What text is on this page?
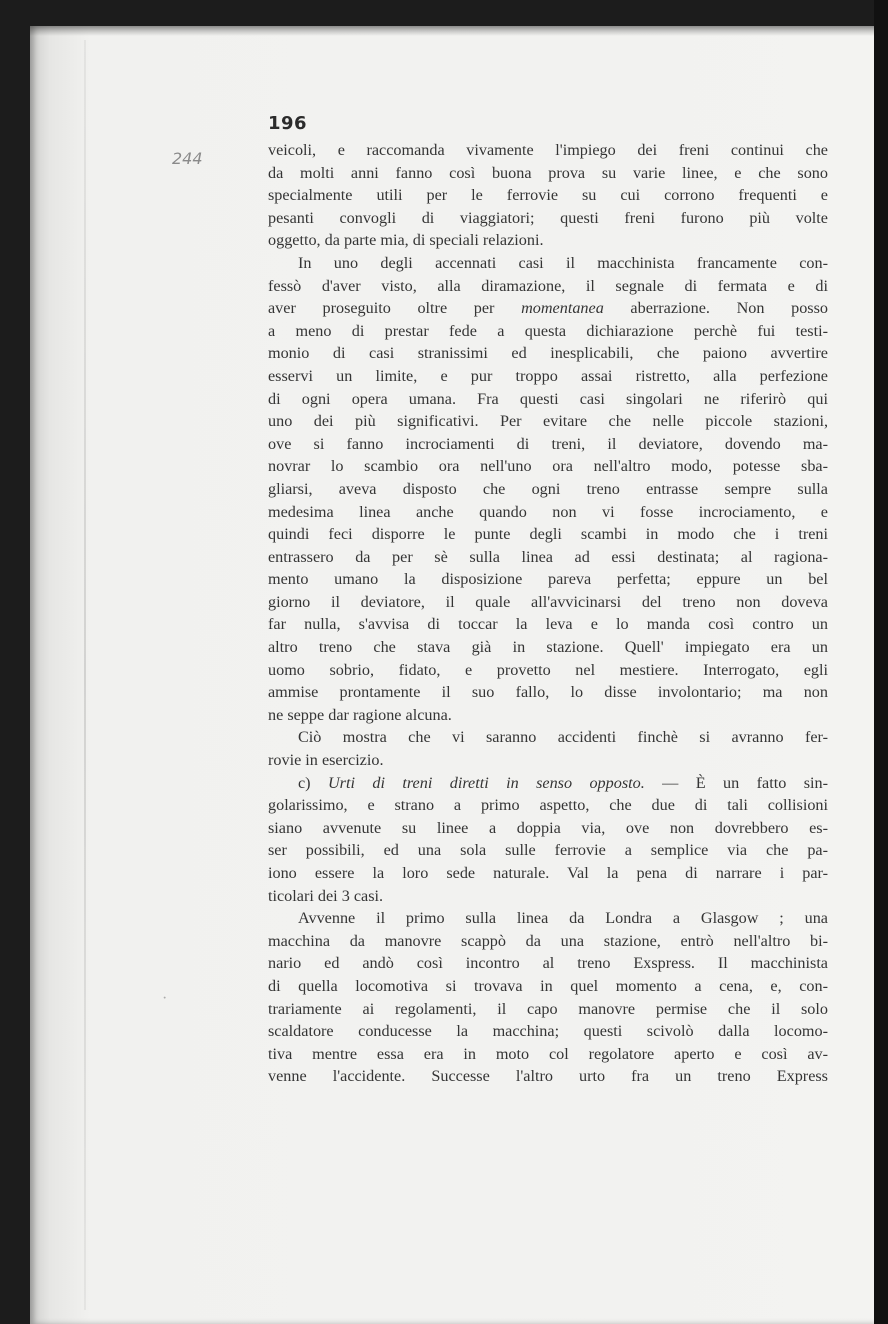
244
·
196
veicoli, e raccomanda vivamente l'impiego dei freni continui che
da molti anni fanno così buona prova su varie linee, e che sono
specialmente utili per le ferrovie su cui corrono frequenti e
pesanti convogli di viaggiatori; questi freni furono più volte
oggetto, da parte mia, di speciali relazioni.
In uno degli accennati casi il macchinista francamente con-
fessò d'aver visto, alla diramazione, il segnale di fermata e di
aver proseguito oltre per momentanea aberrazione. Non posso
a meno di prestar fede a questa dichiarazione perchè fui testi-
monio di casi stranissimi ed inesplicabili, che paiono avvertire
esservi un limite, e pur troppo assai ristretto, alla perfezione
di ogni opera umana. Fra questi casi singolari ne riferirò qui
uno dei più significativi. Per evitare che nelle piccole stazioni,
ove si fanno incrociamenti di treni, il deviatore, dovendo ma-
novrar lo scambio ora nell'uno ora nell'altro modo, potesse sba-
gliarsi, aveva disposto che ogni treno entrasse sempre sulla
medesima linea anche quando non vi fosse incrociamento, e
quindi feci disporre le punte degli scambi in modo che i treni
entrassero da per sè sulla linea ad essi destinata; al ragiona-
mento umano la disposizione pareva perfetta; eppure un bel
giorno il deviatore, il quale all'avvicinarsi del treno non doveva
far nulla, s'avvisa di toccar la leva e lo manda così contro un
altro treno che stava già in stazione. Quell' impiegato era un
uomo sobrio, fidato, e provetto nel mestiere. Interrogato, egli
ammise prontamente il suo fallo, lo disse involontario; ma non
ne seppe dar ragione alcuna.
Ciò mostra che vi saranno accidenti finchè si avranno fer-
rovie in esercizio.
c) Urti di treni diretti in senso opposto. — È un fatto sin-
golarissimo, e strano a primo aspetto, che due di tali collisioni
siano avvenute su linee a doppia via, ove non dovrebbero es-
ser possibili, ed una sola sulle ferrovie a semplice via che pa-
iono essere la loro sede naturale. Val la pena di narrare i par-
ticolari dei 3 casi.
Avvenne il primo sulla linea da Londra a Glasgow ; una
macchina da manovre scappò da una stazione, entrò nell'altro bi-
nario ed andò così incontro al treno Exspress. Il macchinista
di quella locomotiva si trovava in quel momento a cena, e, con-
trariamente ai regolamenti, il capo manovre permise che il solo
scaldatore conducesse la macchina; questi scivolò dalla locomo-
tiva mentre essa era in moto col regolatore aperto e così av-
venne l'accidente. Successe l'altro urto fra un treno Express
